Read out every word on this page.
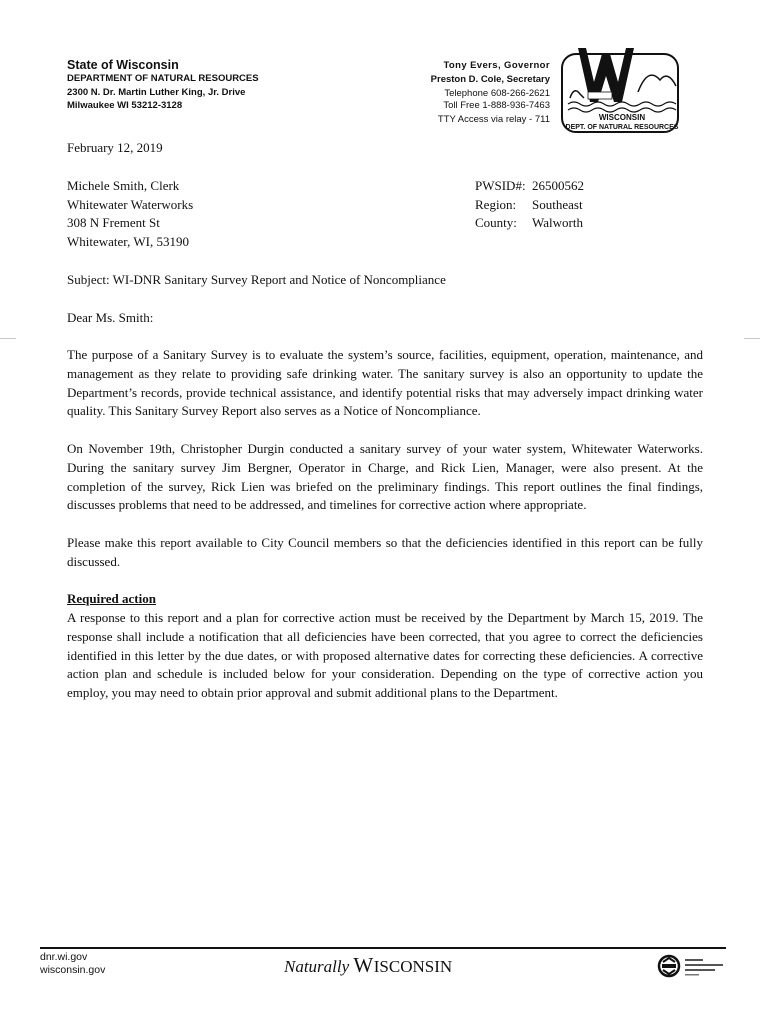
State of Wisconsin
DEPARTMENT OF NATURAL RESOURCES
2300 N. Dr. Martin Luther King, Jr. Drive
Milwaukee WI 53212-3128
Tony Evers, Governor
Preston D. Cole, Secretary
Telephone 608-266-2621
Toll Free 1-888-936-7463
TTY Access via relay - 711	WISCONSIN
DEPT. OF NATURAL RESOURCES
February 12, 2019
Michele Smith, Clerk
Whitewater Waterworks
308 N Frement St
Whitewater, WI, 53190
PWSID#: 26500562
Region: Southeast
County: Walworth
Subject: WI-DNR Sanitary Survey Report and Notice of Noncompliance
Dear Ms. Smith:
The purpose of a Sanitary Survey is to evaluate the system’s source, facilities, equipment, operation, maintenance, and management as they relate to providing safe drinking water. The sanitary survey is also an opportunity to update the Department’s records, provide technical assistance, and identify potential risks that may adversely impact drinking water quality. This Sanitary Survey Report also serves as a Notice of Noncompliance.
On November 19th, Christopher Durgin conducted a sanitary survey of your water system, Whitewater Waterworks. During the sanitary survey Jim Bergner, Operator in Charge, and Rick Lien, Manager, were also present. At the completion of the survey, Rick Lien was briefed on the preliminary findings. This report outlines the final findings, discusses problems that need to be addressed, and timelines for corrective action where appropriate.
Please make this report available to City Council members so that the deficiencies identified in this report can be fully discussed.
Required action
A response to this report and a plan for corrective action must be received by the Department by March 15, 2019. The response shall include a notification that all deficiencies have been corrected, that you agree to correct the deficiencies identified in this letter by the due dates, or with proposed alternative dates for correcting these deficiencies. A corrective action plan and schedule is included below for your consideration. Depending on the type of corrective action you employ, you may need to obtain prior approval and submit additional plans to the Department.
dnr.wi.gov
wisconsin.gov	Naturally WISCONSIN
